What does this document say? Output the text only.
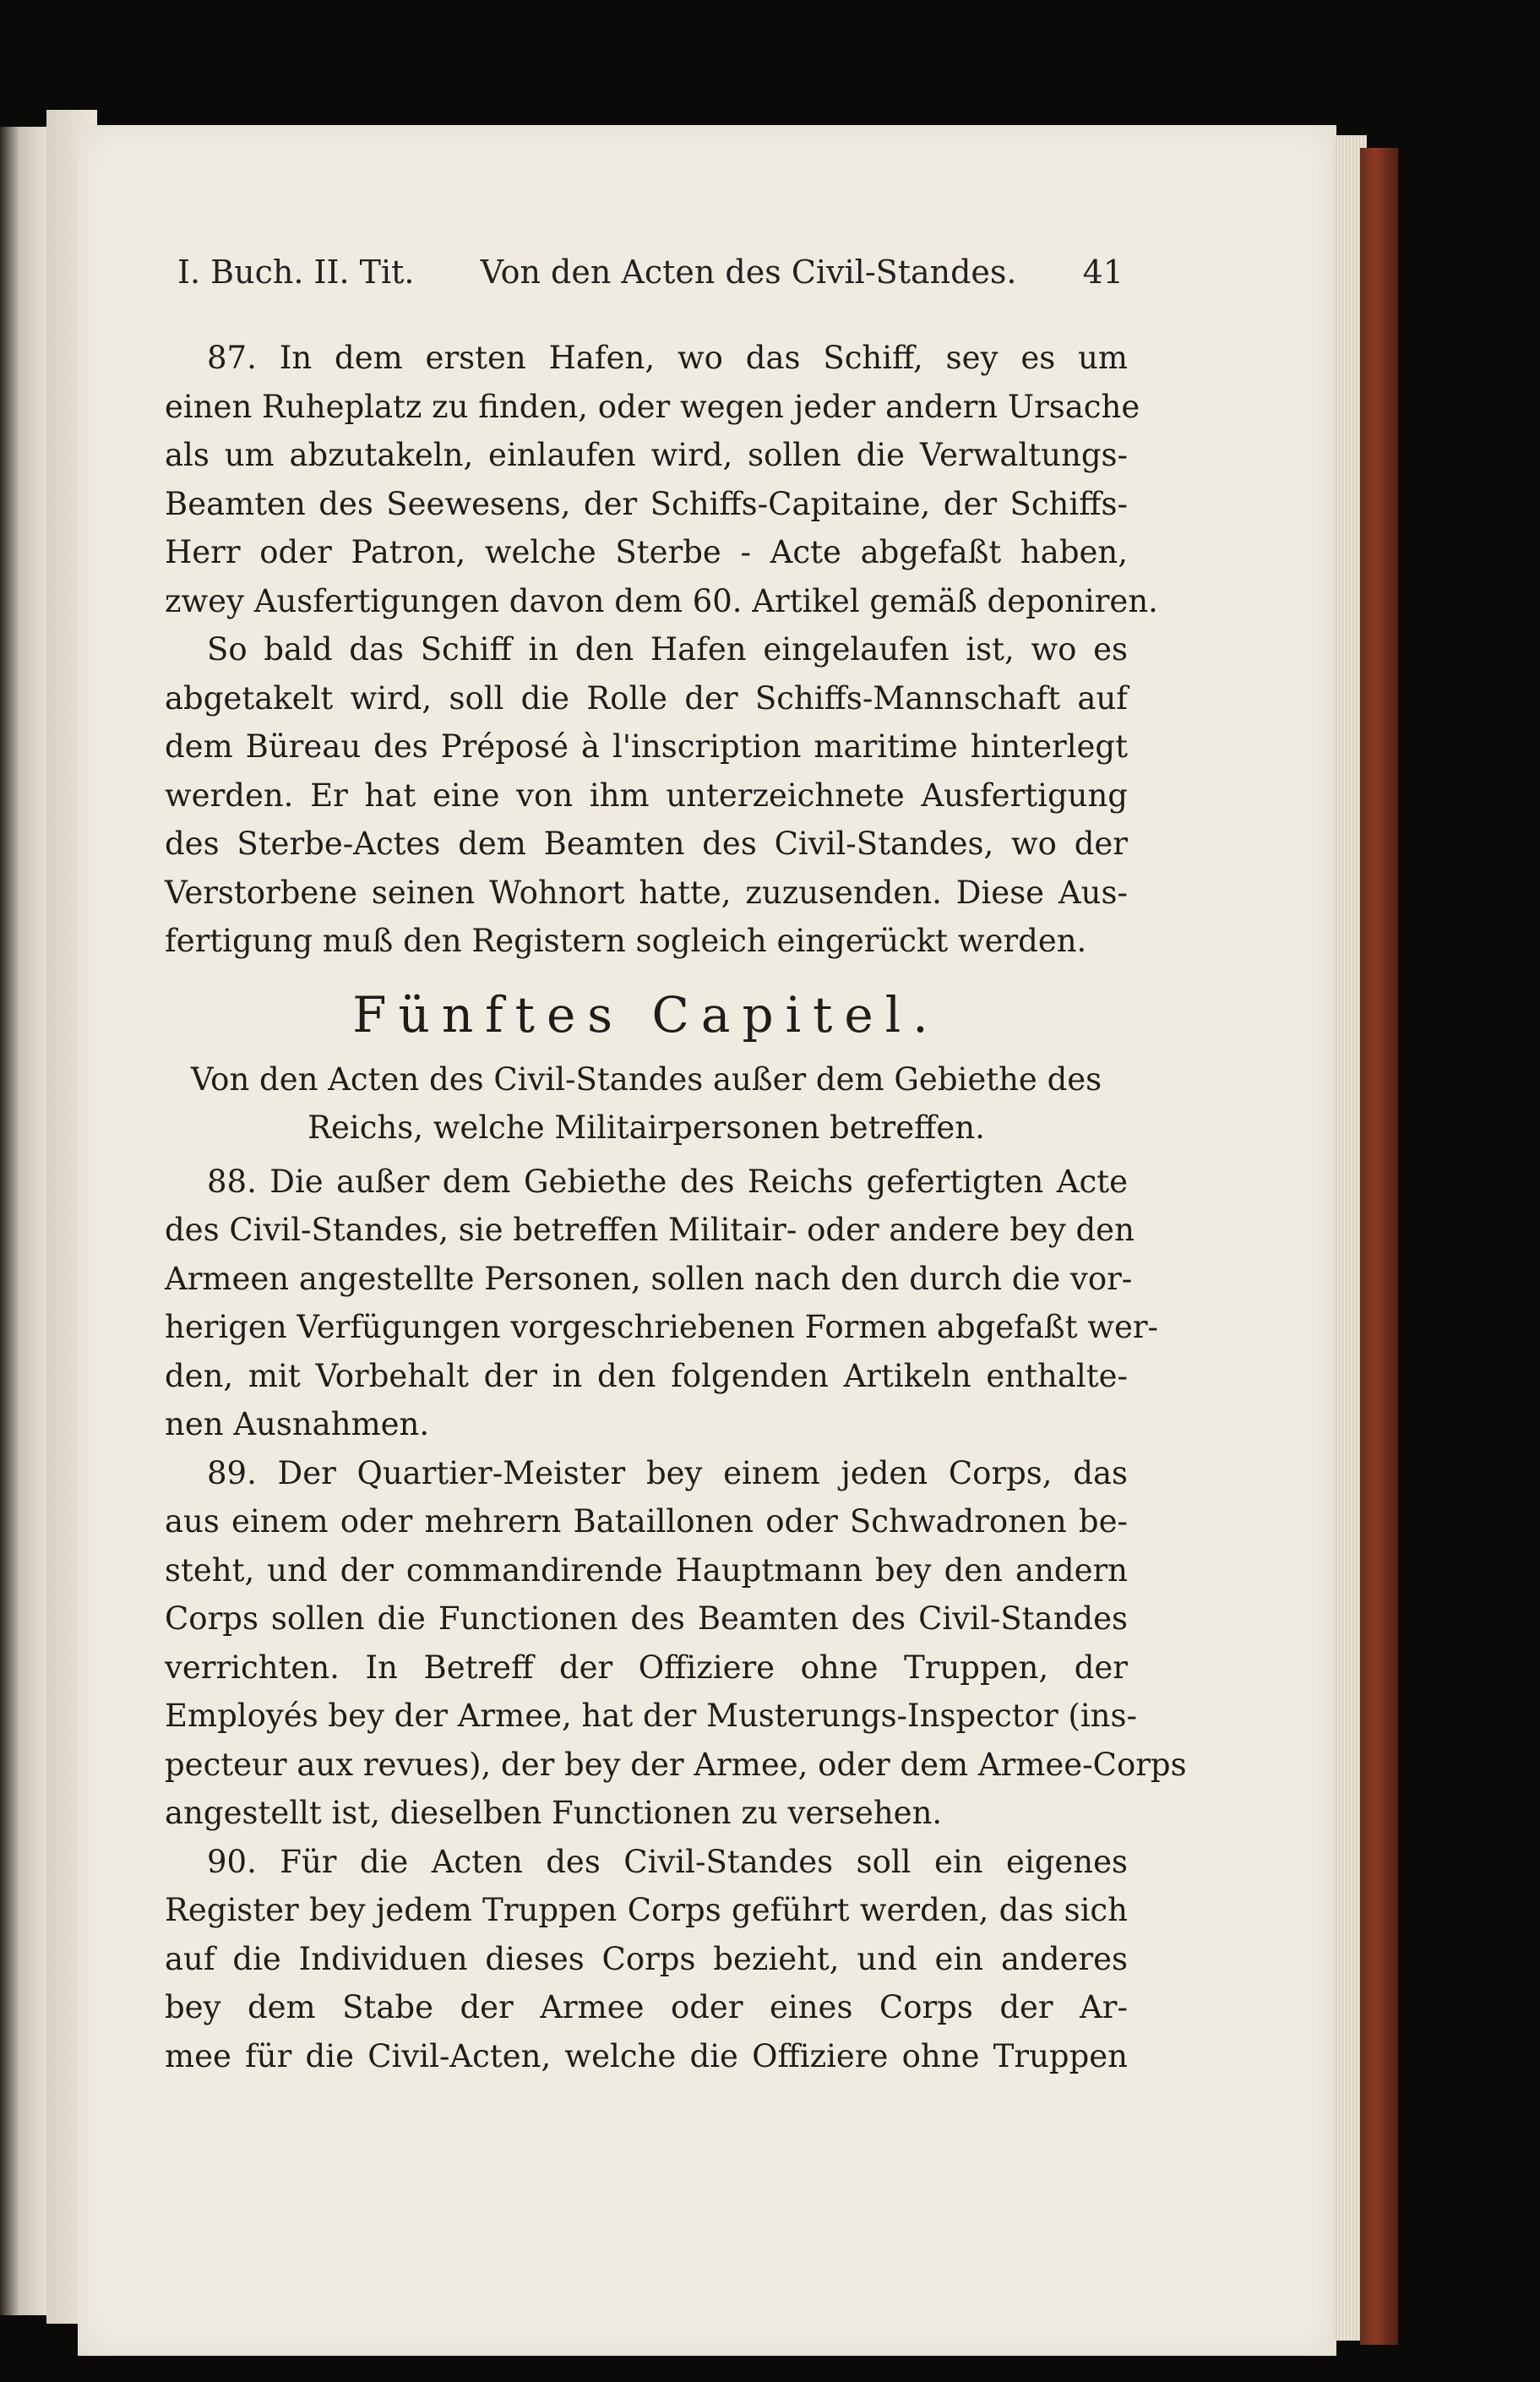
I. Buch. II. Tit. Von den Acten des Civil-Standes. 41
87. In dem ersten Hafen, wo das Schiff, sey es um
einen Ruheplatz zu finden, oder wegen jeder andern Ursache
als um abzutakeln, einlaufen wird, sollen die Verwaltungs-
Beamten des Seewesens, der Schiffs-Capitaine, der Schiffs-
Herr oder Patron, welche Sterbe - Acte abgefaßt haben,
zwey Ausfertigungen davon dem 60. Artikel gemäß deponiren.
So bald das Schiff in den Hafen eingelaufen ist, wo es
abgetakelt wird, soll die Rolle der Schiffs-Mannschaft auf
dem Büreau des Préposé à l'inscription maritime hinterlegt
werden. Er hat eine von ihm unterzeichnete Ausfertigung
des Sterbe-Actes dem Beamten des Civil-Standes, wo der
Verstorbene seinen Wohnort hatte, zuzusenden. Diese Aus-
fertigung muß den Registern sogleich eingerückt werden.
Fünftes Capitel.
Von den Acten des Civil-Standes außer dem Gebiethe des
Reichs, welche Militairpersonen betreffen.
88. Die außer dem Gebiethe des Reichs gefertigten Acte
des Civil-Standes, sie betreffen Militair- oder andere bey den
Armeen angestellte Personen, sollen nach den durch die vor-
herigen Verfügungen vorgeschriebenen Formen abgefaßt wer-
den, mit Vorbehalt der in den folgenden Artikeln enthalte-
nen Ausnahmen.
89. Der Quartier-Meister bey einem jeden Corps, das
aus einem oder mehrern Bataillonen oder Schwadronen be-
steht, und der commandirende Hauptmann bey den andern
Corps sollen die Functionen des Beamten des Civil-Standes
verrichten. In Betreff der Offiziere ohne Truppen, der
Employés bey der Armee, hat der Musterungs-Inspector (ins-
pecteur aux revues), der bey der Armee, oder dem Armee-Corps
angestellt ist, dieselben Functionen zu versehen.
90. Für die Acten des Civil-Standes soll ein eigenes
Register bey jedem Truppen Corps geführt werden, das sich
auf die Individuen dieses Corps bezieht, und ein anderes
bey dem Stabe der Armee oder eines Corps der Ar-
mee für die Civil-Acten, welche die Offiziere ohne Truppen
